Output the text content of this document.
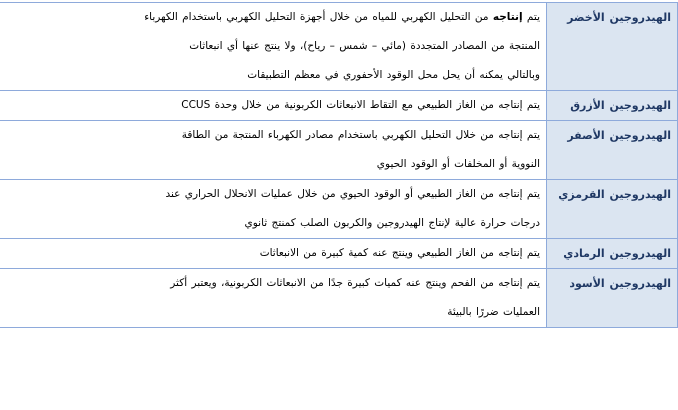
الهيدروجين الأخضر	يتم إنتاجه من التحليل الكهربي للمياه من خلال أجهزة التحليل الكهربي باستخدام الكهرباء
المنتجة من المصادر المتجددة (مائي – شمس – رياح)، ولا ينتج عنها أي انبعاثات
وبالتالي يمكنه أن يحل محل الوقود الأحفوري في معظم التطبيقات

الهيدروجين الأزرق	يتم إنتاجه من الغاز الطبيعي مع التقاط الانبعاثات الكربونية من خلال وحدة CCUS

الهيدروجين الأصفر	يتم إنتاجه من خلال التحليل الكهربي باستخدام مصادر الكهرباء المنتجة من الطاقة
النووية أو المخلفات أو الوقود الحيوي

الهيدروجين القرمزي	يتم إنتاجه من الغاز الطبيعي أو الوقود الحيوي من خلال عمليات الانحلال الحراري عند
درجات حرارة عالية لإنتاج الهيدروجين والكربون الصلب كمنتج ثانوي

الهيدروجين الرمادي	يتم إنتاجه من الغاز الطبيعي وينتج عنه كمية كبيرة من الانبعاثات

الهيدروجين الأسود	يتم إنتاجه من الفحم وينتج عنه كميات كبيرة جدًا من الانبعاثات الكربونية، ويعتبر أكثر
العمليات ضررًا بالبيئة
